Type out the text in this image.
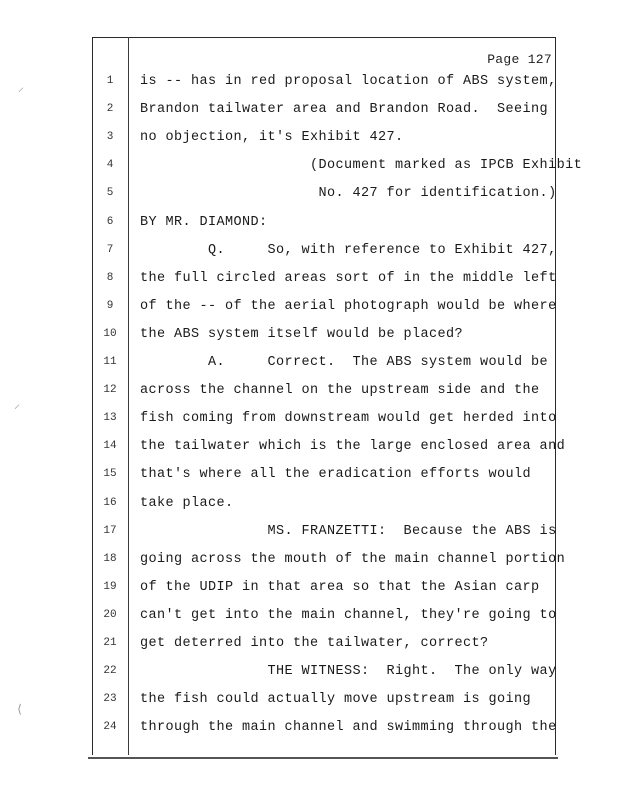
Page 127
1	is -- has in red proposal location of ABS system,
2	Brandon tailwater area and Brandon Road.  Seeing
3	no objection, it's Exhibit 427.
4	(Document marked as IPCB Exhibit
5	No. 427 for identification.)
6	BY MR. DIAMOND:
7	Q.     So, with reference to Exhibit 427,
8	the full circled areas sort of in the middle left
9	of the -- of the aerial photograph would be where
10	the ABS system itself would be placed?
11	A.     Correct.  The ABS system would be
12	across the channel on the upstream side and the
13	fish coming from downstream would get herded into
14	the tailwater which is the large enclosed area and
15	that's where all the eradication efforts would
16	take place.
17	MS. FRANZETTI:  Because the ABS is
18	going across the mouth of the main channel portion
19	of the UDIP in that area so that the Asian carp
20	can't get into the main channel, they're going to
21	get deterred into the tailwater, correct?
22	THE WITNESS:  Right.  The only way
23	the fish could actually move upstream is going
24	through the main channel and swimming through the
⸝
⸝
⟨
